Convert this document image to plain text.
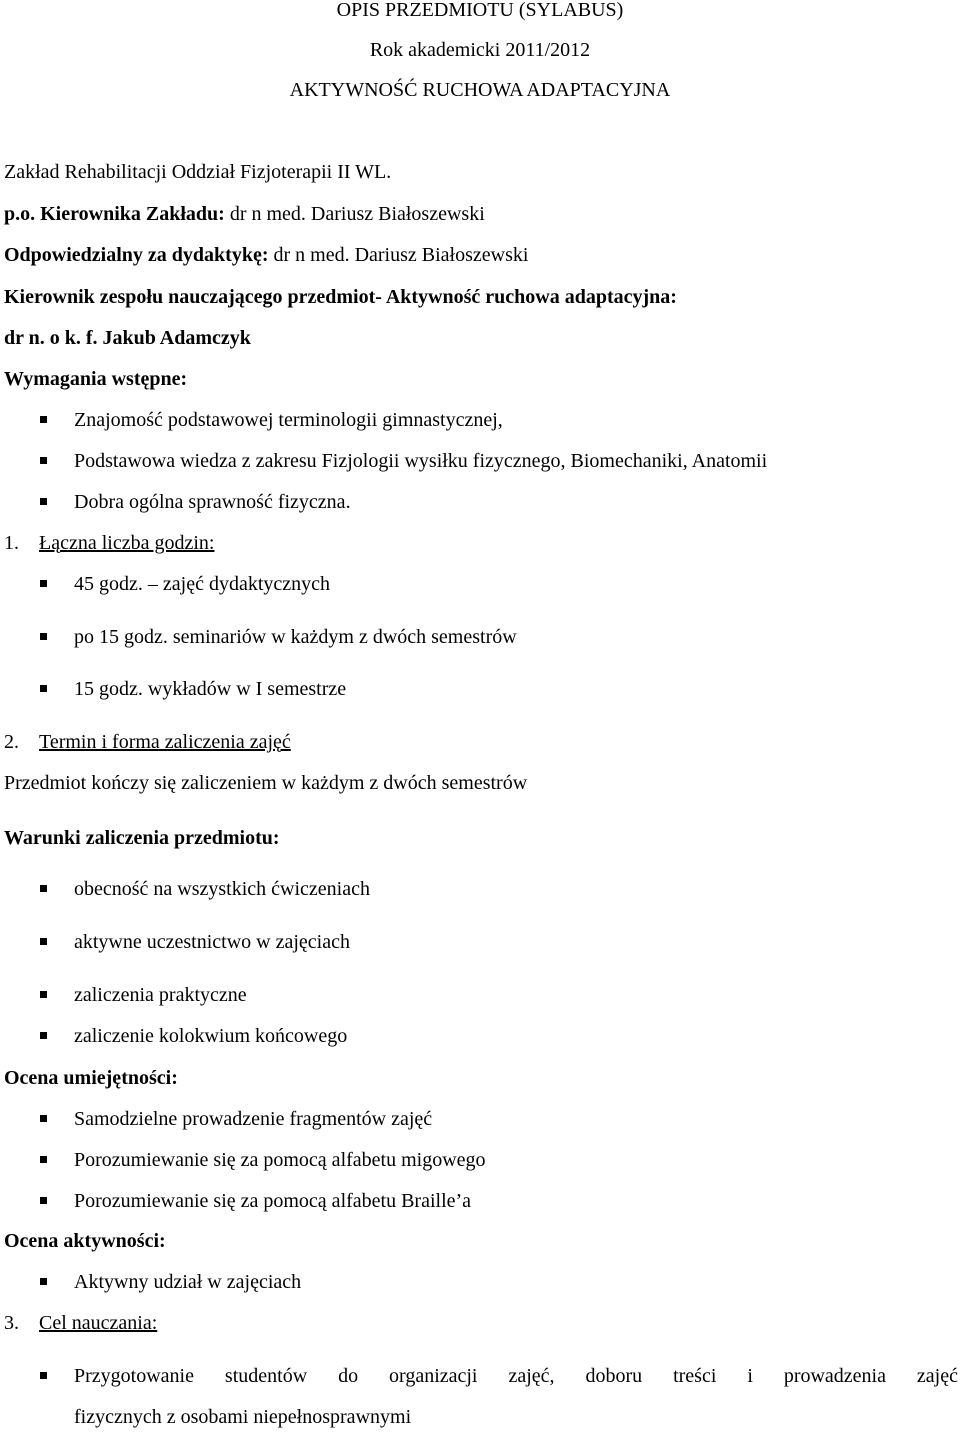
OPIS PRZEDMIOTU (SYLABUS)
Rok akademicki 2011/2012
AKTYWNOŚĆ RUCHOWA ADAPTACYJNA
Zakład Rehabilitacji Oddział Fizjoterapii II WL.
p.o. Kierownika Zakładu: dr n med. Dariusz Białoszewski
Odpowiedzialny za dydaktykę: dr n med. Dariusz Białoszewski
Kierownik zespołu nauczającego przedmiot- Aktywność ruchowa adaptacyjna:
dr n. o k. f. Jakub Adamczyk
Wymagania wstępne:
Znajomość podstawowej terminologii gimnastycznej,
Podstawowa wiedza z zakresu Fizjologii wysiłku fizycznego, Biomechaniki, Anatomii
Dobra ogólna sprawność fizyczna.
1. Łączna liczba godzin:
45 godz. – zajęć dydaktycznych
po 15 godz. seminariów w każdym z dwóch semestrów
15 godz. wykładów w I semestrze
2. Termin i forma zaliczenia zajęć
Przedmiot kończy się zaliczeniem w każdym z dwóch semestrów
Warunki zaliczenia przedmiotu:
obecność na wszystkich ćwiczeniach
aktywne uczestnictwo w zajęciach
zaliczenia praktyczne
zaliczenie kolokwium końcowego
Ocena umiejętności:
Samodzielne prowadzenie fragmentów zajęć
Porozumiewanie się za pomocą alfabetu migowego
Porozumiewanie się za pomocą alfabetu Braille’a
Ocena aktywności:
Aktywny udział w zajęciach
3. Cel nauczania:
Przygotowanie studentów do organizacji zajęć, doboru treści i prowadzenia zajęć
fizycznych z osobami niepełnosprawnymi
